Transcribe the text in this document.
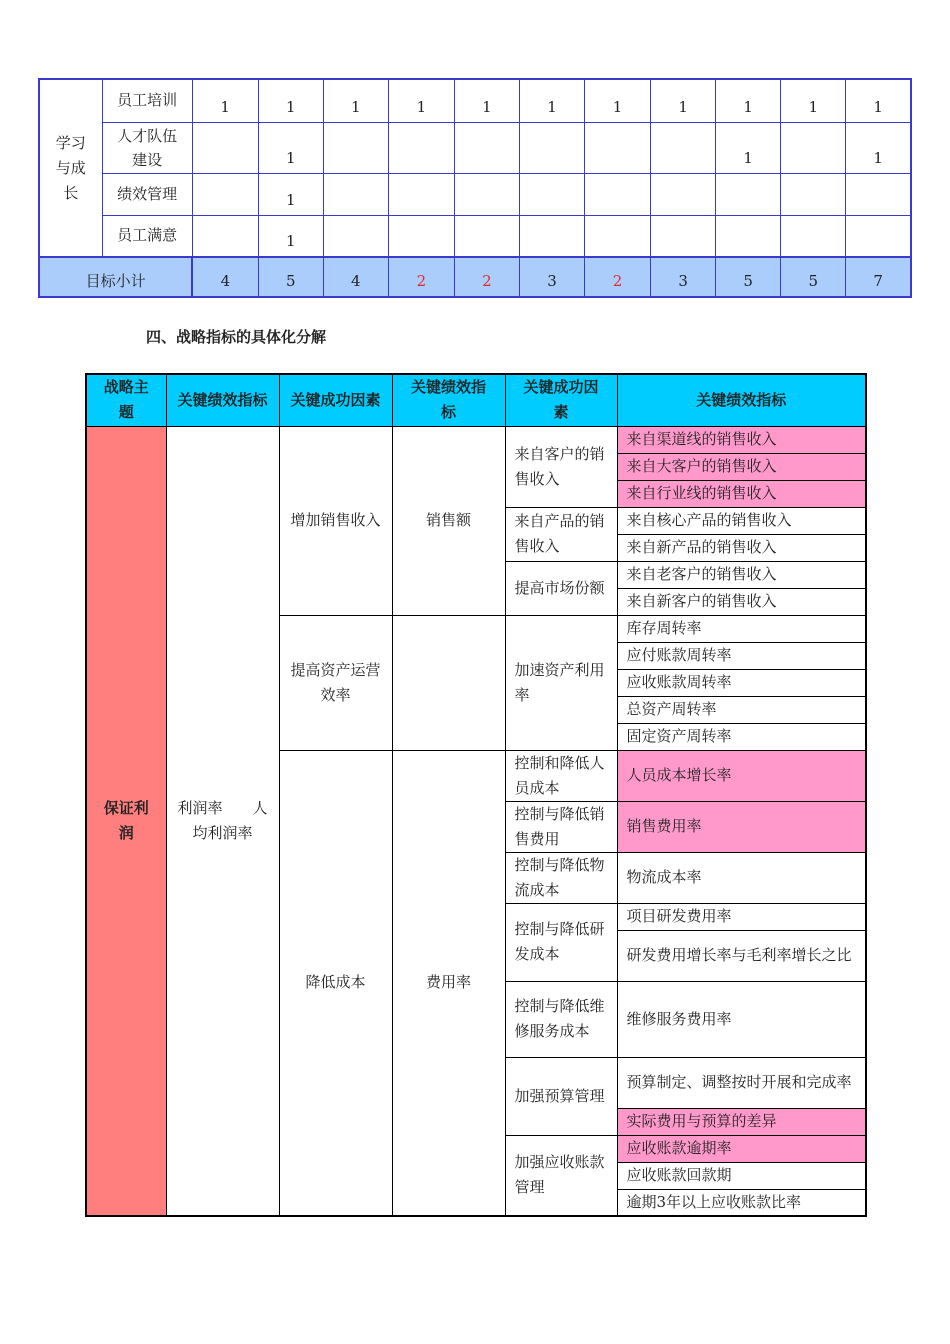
学习与成长	员工培训	1	1	1	1	1	1	1	1	1	1	1

	人才队伍建设		1							1		1
	绩效管理		1									
	员工满意		1									
目标小计		4	5	4	2	2	3	2	3	5	5	7
四、战略指标的具体化分解
战略主题	关键绩效指标	关键成功因素	关键绩效指标	关键成功因素	关键绩效指标

保证利润	利润率　　人均利润率	增加销售收入	销售额	来自客户的销售收入	来自渠道线的销售收入
					来自大客户的销售收入
					来自行业线的销售收入
				来自产品的销售收入	来自核心产品的销售收入
					来自新产品的销售收入
				提高市场份额	来自老客户的销售收入
					来自新客户的销售收入

		提高资产运营效率		加速资产利用率	库存周转率
					应付账款周转率
					应收账款周转率
					总资产周转率
					固定资产周转率
		降低成本	费用率	控制和降低人员成本	人员成本增长率
				控制与降低销售费用	销售费用率
				控制与降低物流成本	物流成本率
				控制与降低研发成本	项目研发费用率
					研发费用增长率与毛利率增长之比
				控制与降低维修服务成本	维修服务费用率
				加强预算管理	预算制定、调整按时开展和完成率
					实际费用与预算的差异
				加强应收账款管理	应收账款逾期率
					应收账款回款期
					逾期3年以上应收账款比率
